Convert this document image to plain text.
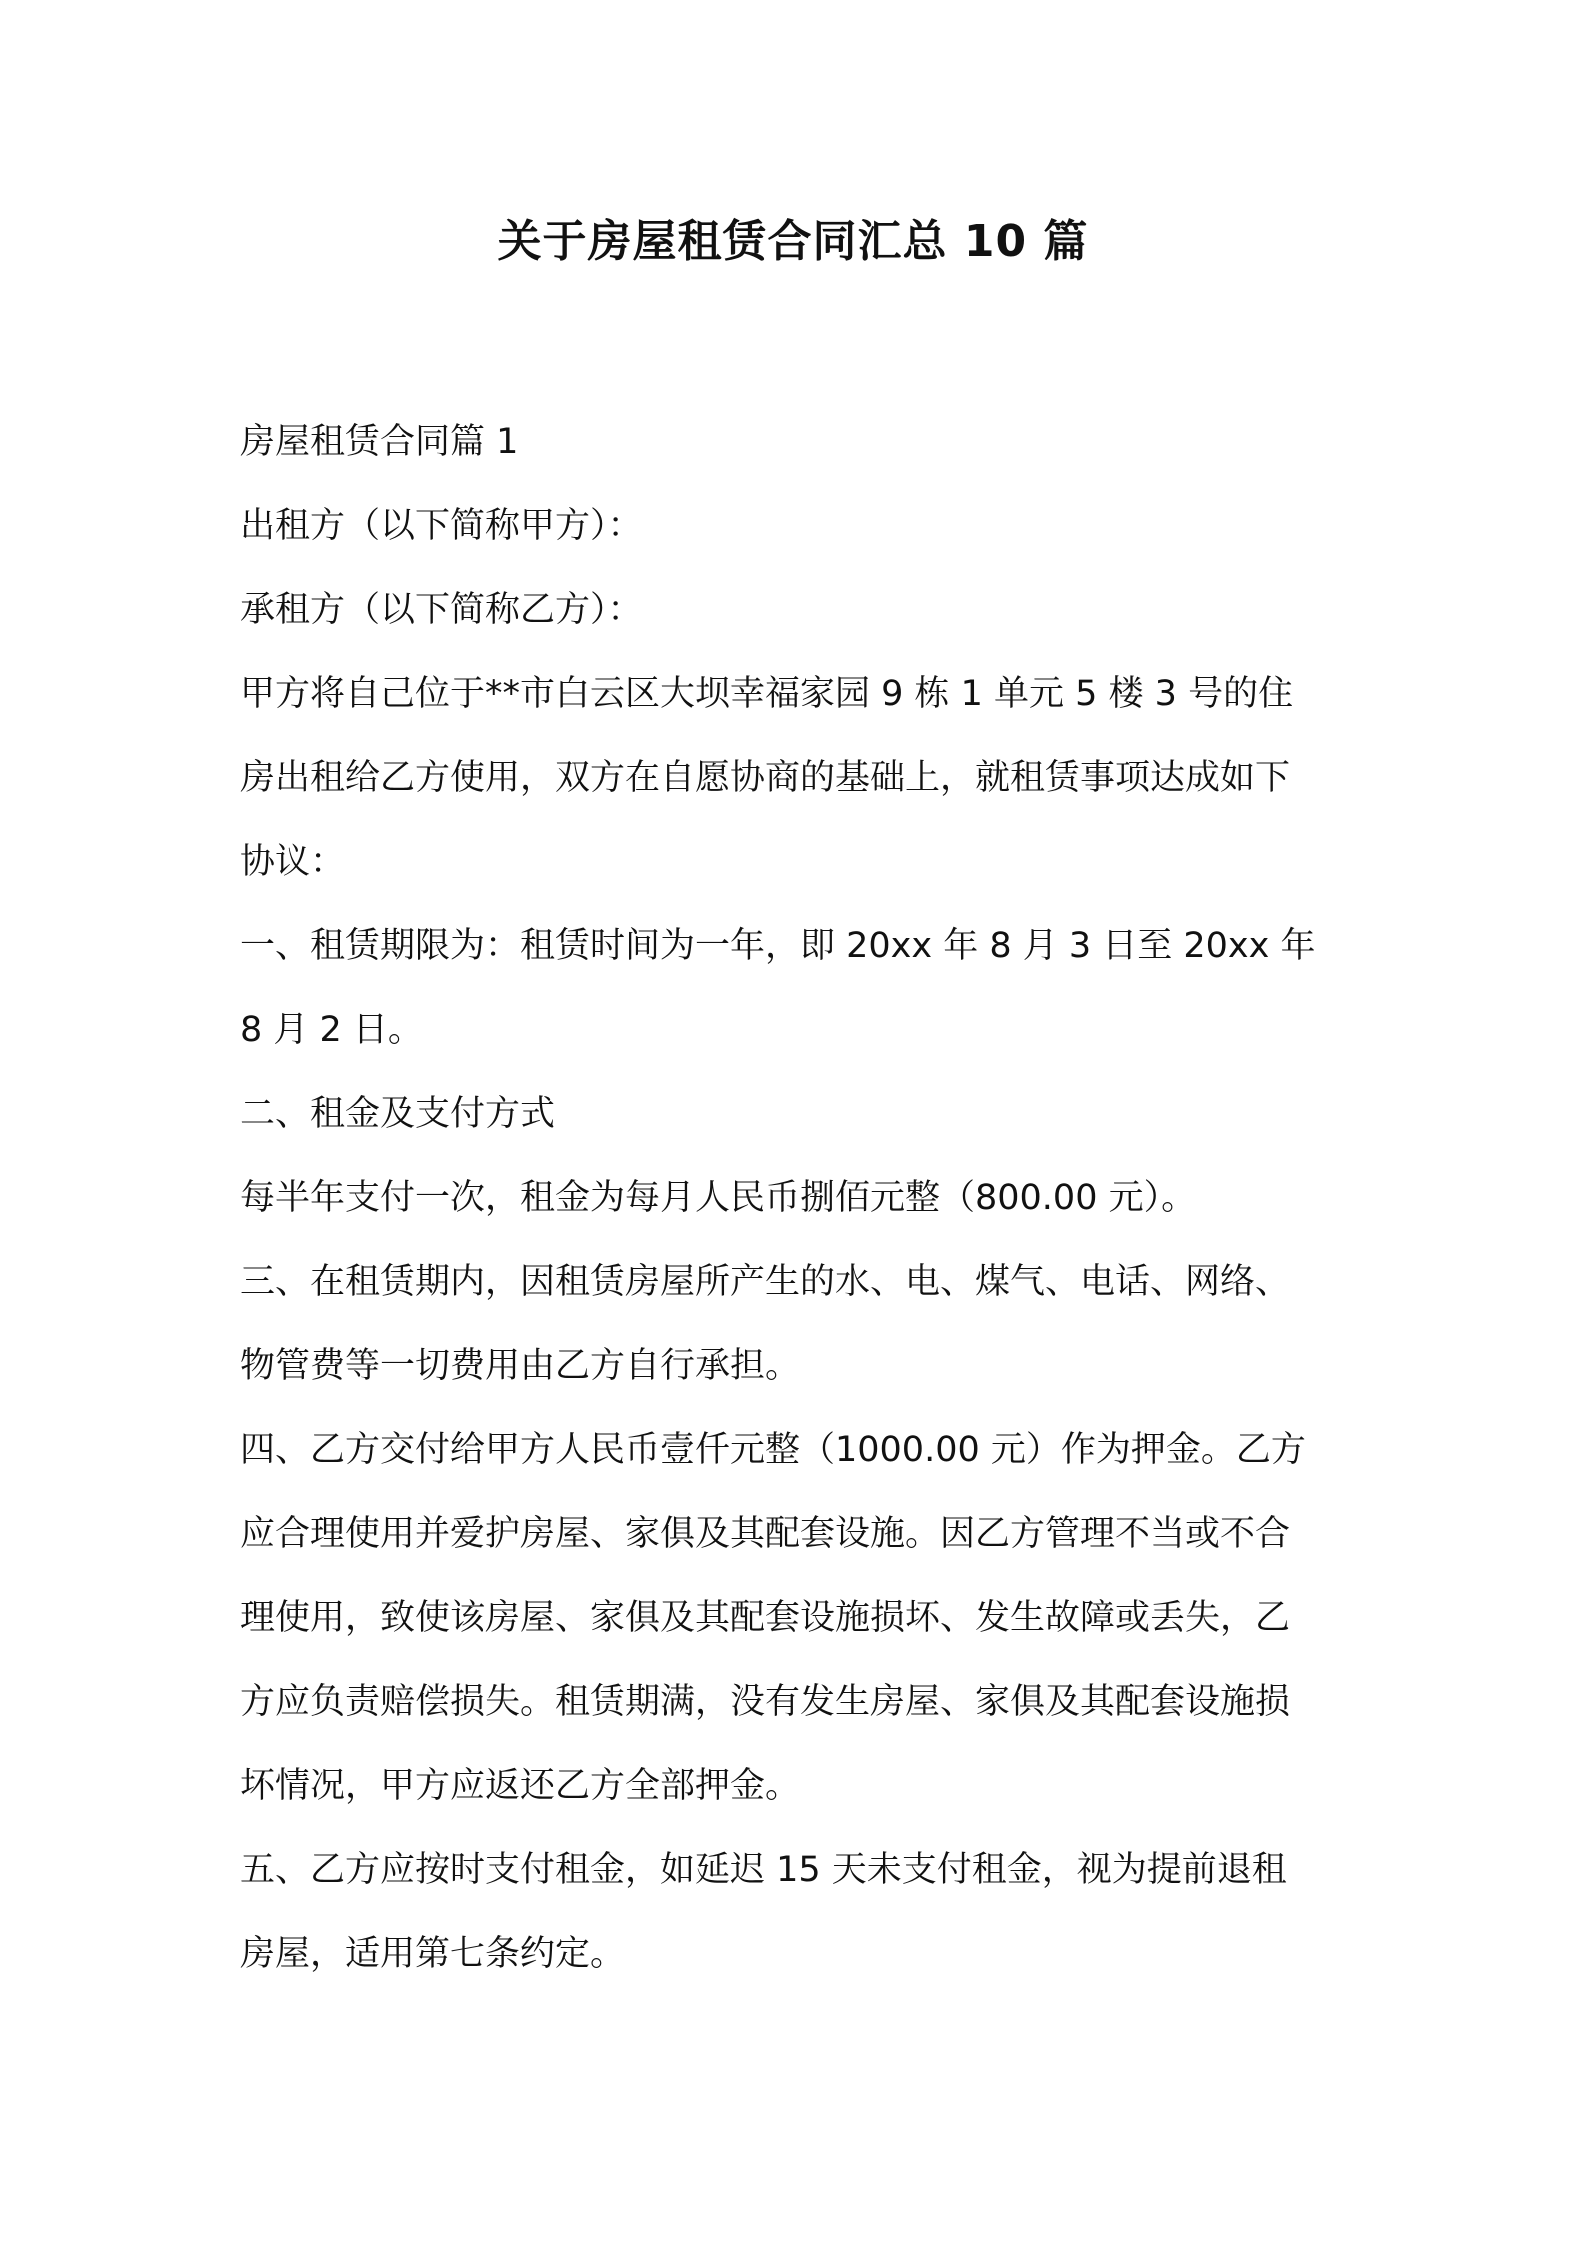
关于房屋租赁合同汇总 10 篇

房屋租赁合同篇 1

出租方（以下简称甲方）：

承租方（以下简称乙方）：

甲方将自己位于**市白云区大坝幸福家园 9 栋 1 单元 5 楼 3 号的住

房出租给乙方使用，双方在自愿协商的基础上，就租赁事项达成如下

协议：

一、租赁期限为：租赁时间为一年，即 20xx 年 8 月 3 日至 20xx 年

8 月 2 日。

二、租金及支付方式

每半年支付一次，租金为每月人民币捌佰元整（800.00 元）。

三、在租赁期内，因租赁房屋所产生的水、电、煤气、电话、网络、

物管费等一切费用由乙方自行承担。

四、乙方交付给甲方人民币壹仟元整（1000.00 元）作为押金。乙方

应合理使用并爱护房屋、家俱及其配套设施。因乙方管理不当或不合

理使用，致使该房屋、家俱及其配套设施损坏、发生故障或丢失，乙

方应负责赔偿损失。租赁期满，没有发生房屋、家俱及其配套设施损

坏情况，甲方应返还乙方全部押金。

五、乙方应按时支付租金，如延迟 15 天未支付租金，视为提前退租

房屋，适用第七条约定。
